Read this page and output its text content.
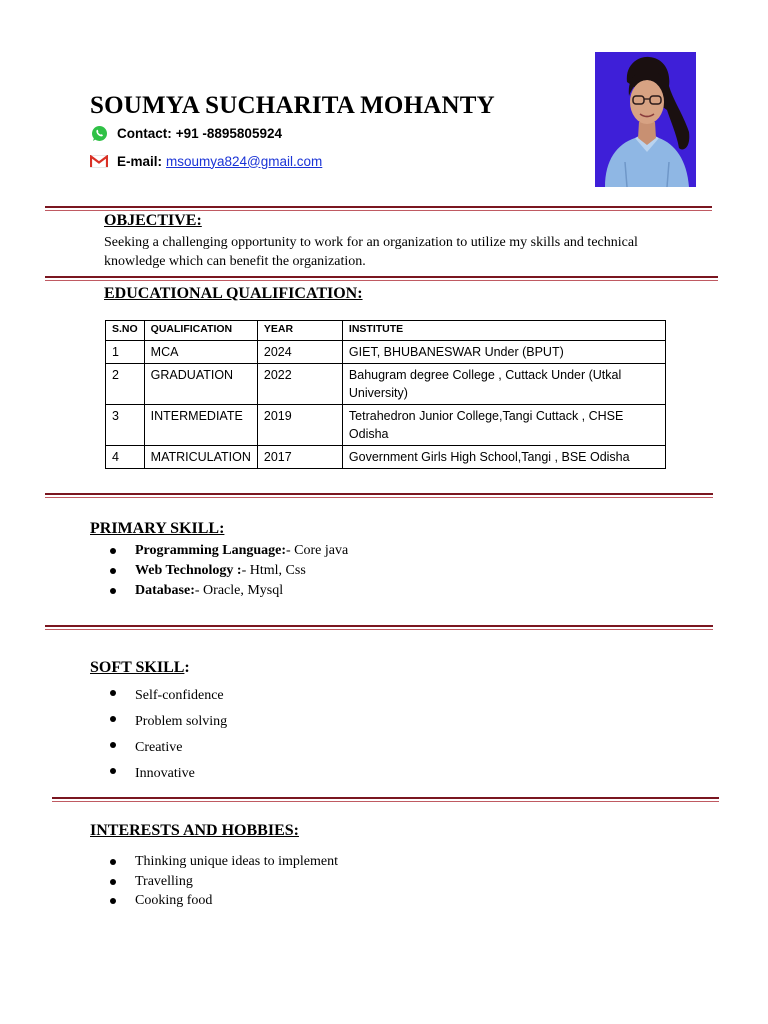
SOUMYA SUCHARITA MOHANTY
Contact: +91 -8895805924
E-mail: msoumya824@gmail.com
OBJECTIVE:
Seeking a challenging opportunity to work for an organization to utilize my skills and technical knowledge which can benefit the organization.
EDUCATIONAL QUALIFICATION:
S.NO	QUALIFICATION	YEAR	INSTITUTE
1	MCA	2024	GIET, BHUBANESWAR Under (BPUT)
2	GRADUATION	2022	Bahugram degree College , Cuttack Under (Utkal University)
3	INTERMEDIATE	2019	Tetrahedron Junior College,Tangi Cuttack , CHSE Odisha
4	MATRICULATION	2017	Government Girls High School,Tangi , BSE Odisha
PRIMARY SKILL:
Programming Language:- Core java
Web Technology :- Html, Css
Database:- Oracle, Mysql
SOFT SKILL:
Self-confidence
Problem solving
Creative
Innovative
INTERESTS AND HOBBIES:
Thinking unique ideas to implement
Travelling
Cooking food
